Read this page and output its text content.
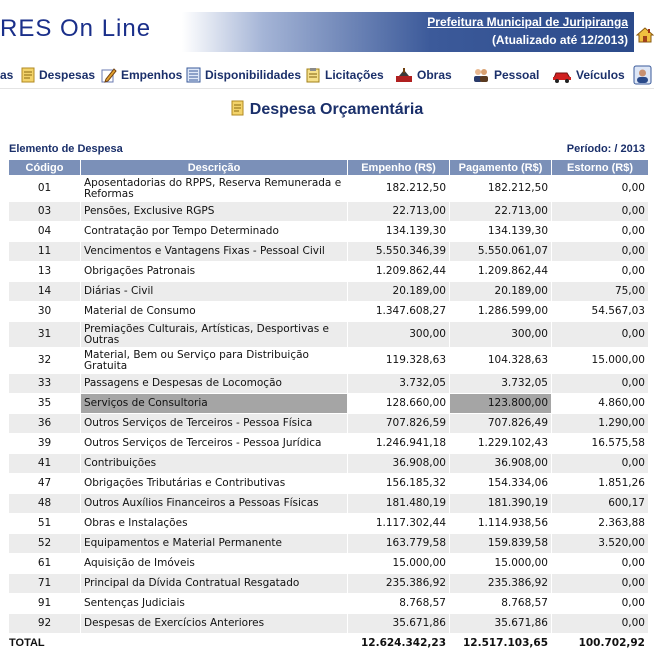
RES On Line	Prefeitura Municipal de Juripiranga
(Atualizado até 12/2013)
as Despesas Empenhos Disponibilidades Licitações	Obras	Pessoal	Veículos
Despesa Orçamentária
Elemento de Despesa	Período: / 2013
Código	Descrição	Empenho (R$)	Pagamento (R$)	Estorno (R$)
01	Aposentadorias do RPPS, Reserva Remunerada e Reformas	182.212,50	182.212,50	0,00
03	Pensões, Exclusive RGPS	22.713,00	22.713,00	0,00
04	Contratação por Tempo Determinado	134.139,30	134.139,30	0,00
11	Vencimentos e Vantagens Fixas - Pessoal Civil	5.550.346,39	5.550.061,07	0,00
13	Obrigações Patronais	1.209.862,44	1.209.862,44	0,00
14	Diárias - Civil	20.189,00	20.189,00	75,00
30	Material de Consumo	1.347.608,27	1.286.599,00	54.567,03
31	Premiações Culturais, Artísticas, Desportivas e Outras	300,00	300,00	0,00
32	Material, Bem ou Serviço para Distribuição Gratuita	119.328,63	104.328,63	15.000,00
33	Passagens e Despesas de Locomoção	3.732,05	3.732,05	0,00
35	Serviços de Consultoria	128.660,00	123.800,00	4.860,00
36	Outros Serviços de Terceiros - Pessoa Física	707.826,59	707.826,49	1.290,00
39	Outros Serviços de Terceiros - Pessoa Jurídica	1.246.941,18	1.229.102,43	16.575,58
41	Contribuições	36.908,00	36.908,00	0,00
47	Obrigações Tributárias e Contributivas	156.185,32	154.334,06	1.851,26
48	Outros Auxílios Financeiros a Pessoas Físicas	181.480,19	181.390,19	600,17
51	Obras e Instalações	1.117.302,44	1.114.938,56	2.363,88
52	Equipamentos e Material Permanente	163.779,58	159.839,58	3.520,00
61	Aquisição de Imóveis	15.000,00	15.000,00	0,00
71	Principal da Dívida Contratual Resgatado	235.386,92	235.386,92	0,00
91	Sentenças Judiciais	8.768,57	8.768,57	0,00
92	Despesas de Exercícios Anteriores	35.671,86	35.671,86	0,00
TOTAL		12.624.342,23	12.517.103,65	100.702,92
